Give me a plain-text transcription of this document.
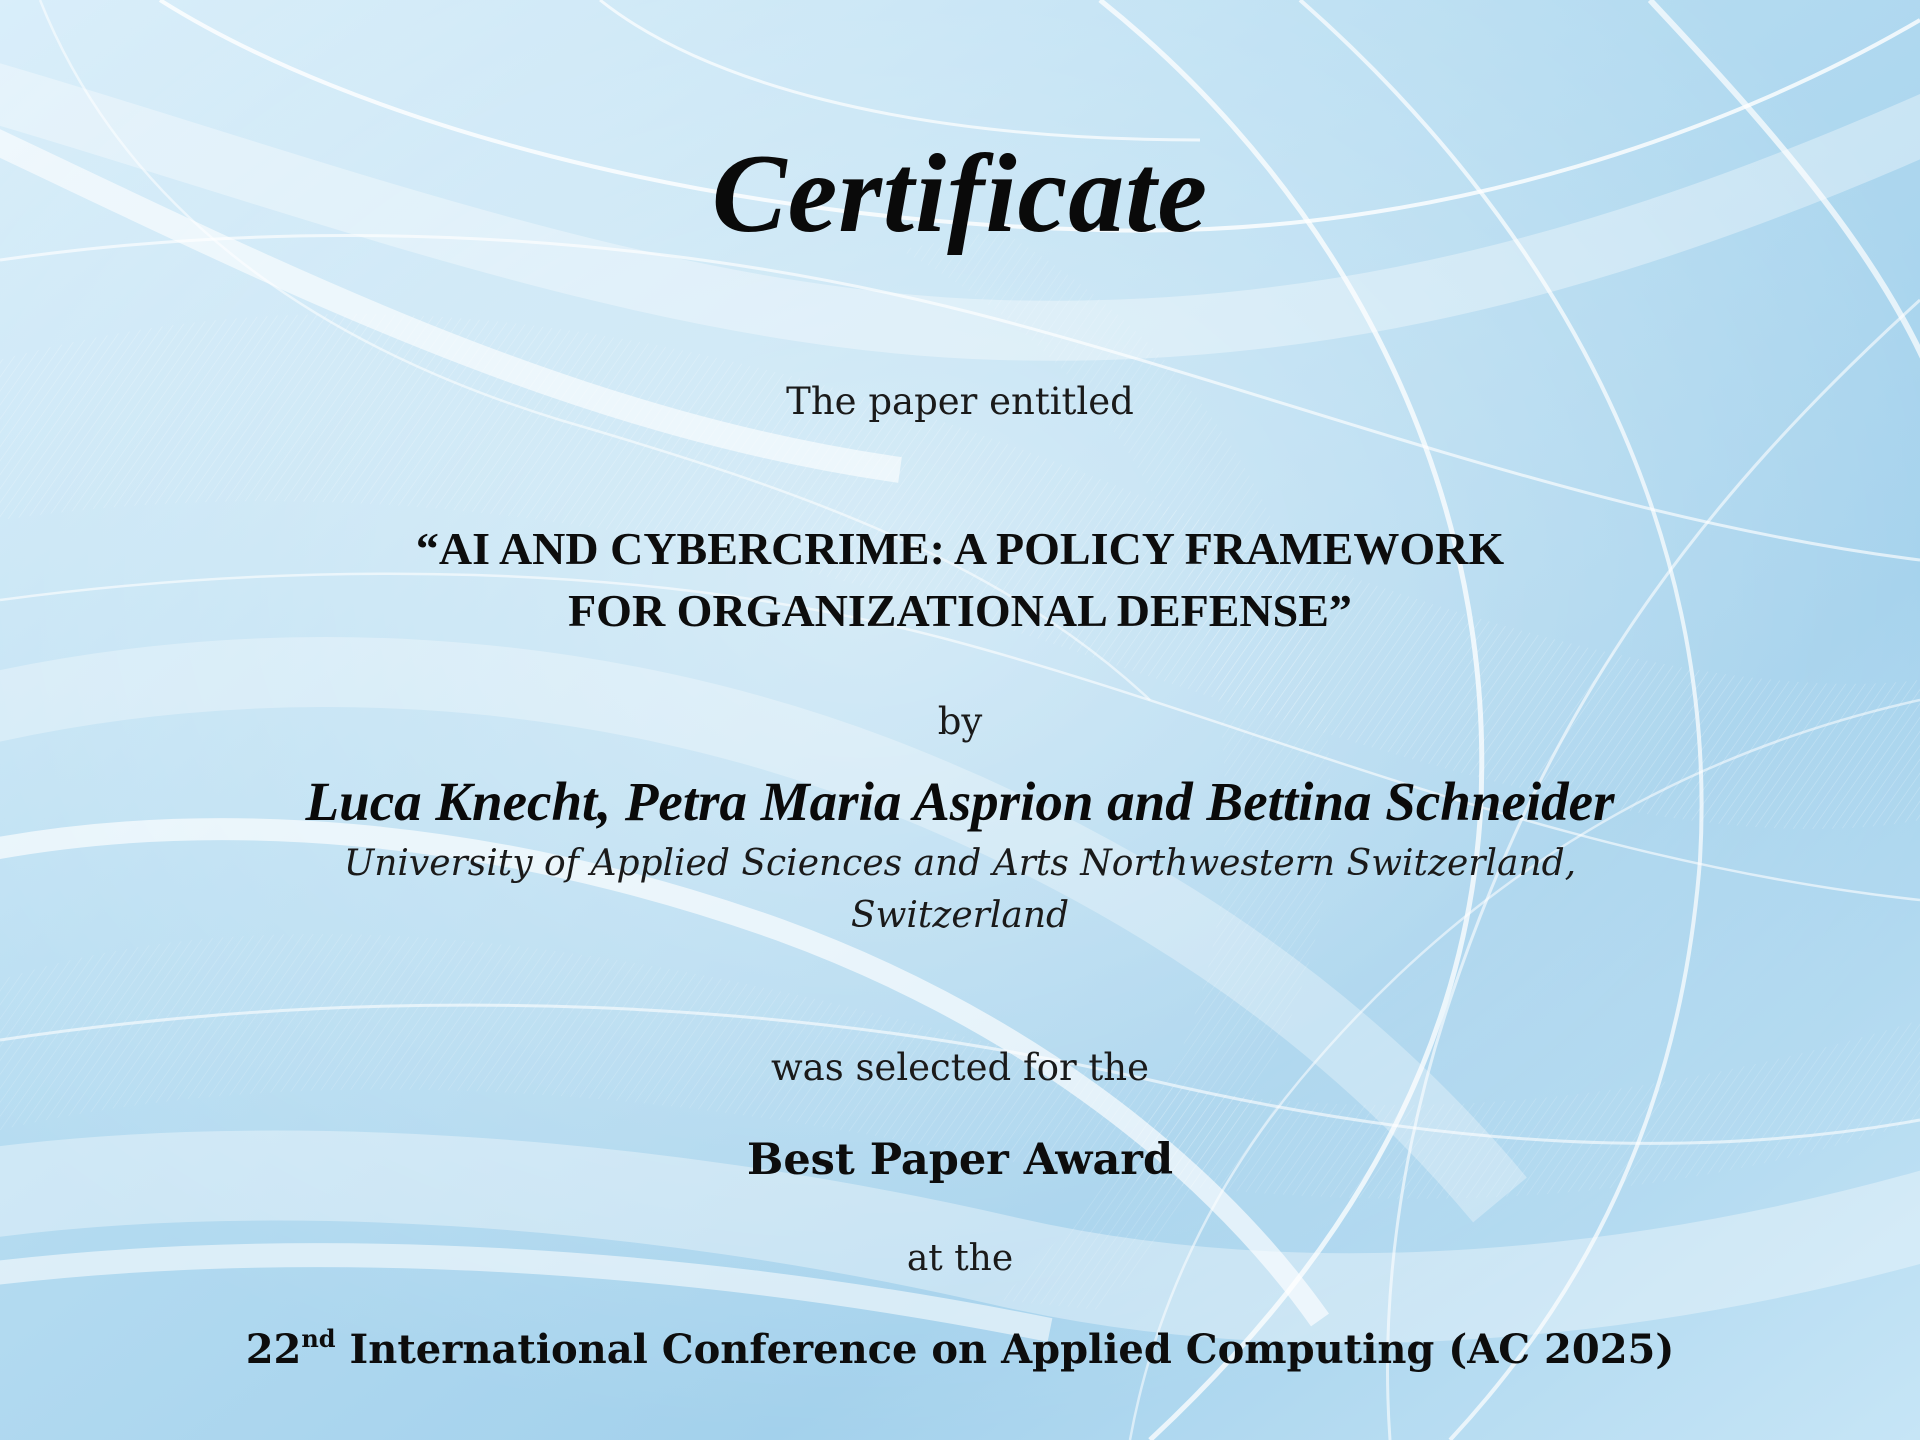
Certificate
The paper entitled
“AI AND CYBERCRIME: A POLICY FRAMEWORK
FOR ORGANIZATIONAL DEFENSE”
by
Luca Knecht, Petra Maria Asprion and Bettina Schneider
University of Applied Sciences and Arts Northwestern Switzerland,
Switzerland
was selected for the
Best Paper Award
at the
22nd International Conference on Applied Computing (AC 2025)
